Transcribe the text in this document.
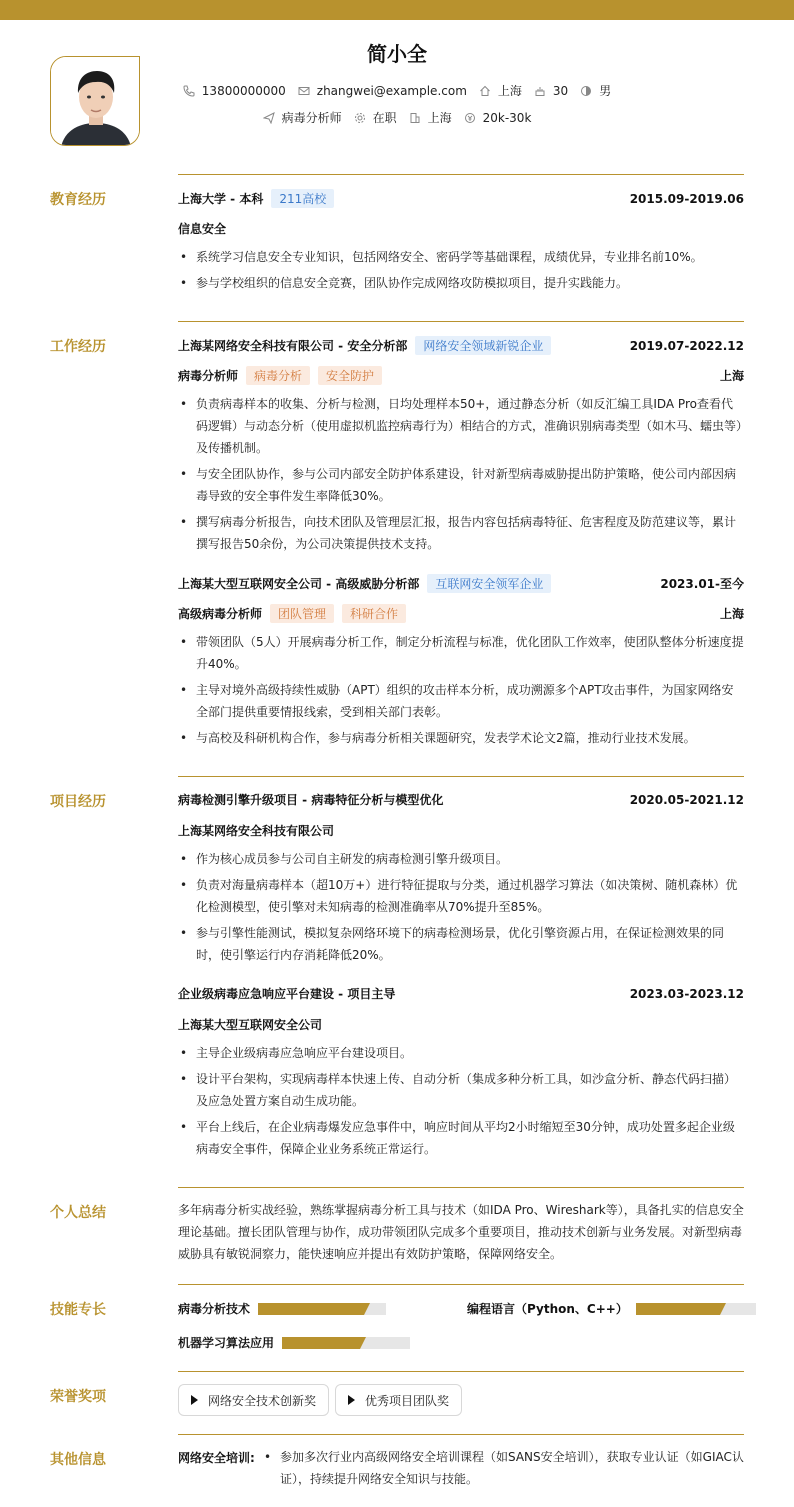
简小全
13800000000	zhangwei@example.com	上海	30	男
病毒分析师	在职	上海	20k-30k
教育经历	上海大学 - 本科	211高校	2015.09-2019.06
信息安全
• 系统学习信息安全专业知识，包括网络安全、密码学等基础课程，成绩优异，专业排名前10%。
• 参与学校组织的信息安全竞赛，团队协作完成网络攻防模拟项目，提升实践能力。
工作经历	上海某网络安全科技有限公司 - 安全分析部	网络安全领域新锐企业	2019.07-2022.12
病毒分析师	病毒分析	安全防护	上海
• 负责病毒样本的收集、分析与检测，日均处理样本50+，通过静态分析（如反汇编工具IDA Pro查看代码逻辑）与动态分析（使用虚拟机监控病毒行为）相结合的方式，准确识别病毒类型（如木马、蠕虫等）及传播机制。
• 与安全团队协作，参与公司内部安全防护体系建设，针对新型病毒威胁提出防护策略，使公司内部因病毒导致的安全事件发生率降低30%。
• 撰写病毒分析报告，向技术团队及管理层汇报，报告内容包括病毒特征、危害程度及防范建议等，累计撰写报告50余份，为公司决策提供技术支持。
上海某大型互联网安全公司 - 高级威胁分析部	互联网安全领军企业	2023.01-至今
高级病毒分析师	团队管理	科研合作	上海
• 带领团队（5人）开展病毒分析工作，制定分析流程与标准，优化团队工作效率，使团队整体分析速度提升40%。
• 主导对境外高级持续性威胁（APT）组织的攻击样本分析，成功溯源多个APT攻击事件，为国家网络安全部门提供重要情报线索，受到相关部门表彰。
• 与高校及科研机构合作，参与病毒分析相关课题研究，发表学术论文2篇，推动行业技术发展。
项目经历	病毒检测引擎升级项目 - 病毒特征分析与模型优化	2020.05-2021.12
上海某网络安全科技有限公司
• 作为核心成员参与公司自主研发的病毒检测引擎升级项目。
• 负责对海量病毒样本（超10万+）进行特征提取与分类，通过机器学习算法（如决策树、随机森林）优化检测模型，使引擎对未知病毒的检测准确率从70%提升至85%。
• 参与引擎性能测试，模拟复杂网络环境下的病毒检测场景，优化引擎资源占用，在保证检测效果的同时，使引擎运行内存消耗降低20%。
企业级病毒应急响应平台建设 - 项目主导	2023.03-2023.12
上海某大型互联网安全公司
• 主导企业级病毒应急响应平台建设项目。
• 设计平台架构，实现病毒样本快速上传、自动分析（集成多种分析工具，如沙盒分析、静态代码扫描）及应急处置方案自动生成功能。
• 平台上线后，在企业病毒爆发应急事件中，响应时间从平均2小时缩短至30分钟，成功处置多起企业级病毒安全事件，保障企业业务系统正常运行。
个人总结	多年病毒分析实战经验，熟练掌握病毒分析工具与技术（如IDA Pro、Wireshark等），具备扎实的信息安全理论基础。擅长团队管理与协作，成功带领团队完成多个重要项目，推动技术创新与业务发展。对新型病毒威胁具有敏锐洞察力，能快速响应并提出有效防护策略，保障网络安全。
技能专长	病毒分析技术	编程语言（Python、C++）
机器学习算法应用
荣誉奖项	网络安全技术创新奖	优秀项目团队奖
其他信息	网络安全培训:
•	参加多次行业内高级网络安全培训课程（如SANS安全培训），获取专业认证（如GIAC认证），持续提升网络安全知识与技能。
